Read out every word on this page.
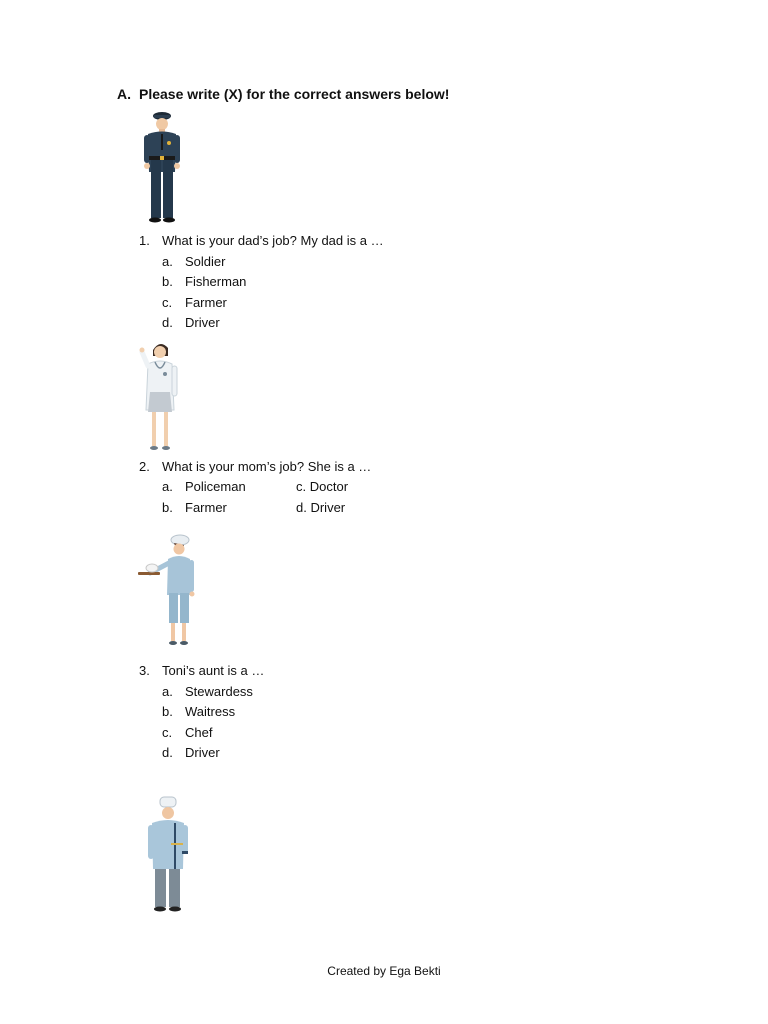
A. Please write (X) for the correct answers below!
1. What is your dad’s job? My dad is a …
a. Soldier
b. Fisherman
c. Farmer
d. Driver
2. What is your mom’s job? She is a …
a. Policeman
b. Farmer
c. Doctor
d. Driver
3. Toni’s aunt is a …
a. Stewardess
b. Waitress
c. Chef
d. Driver
Created by Ega Bekti
